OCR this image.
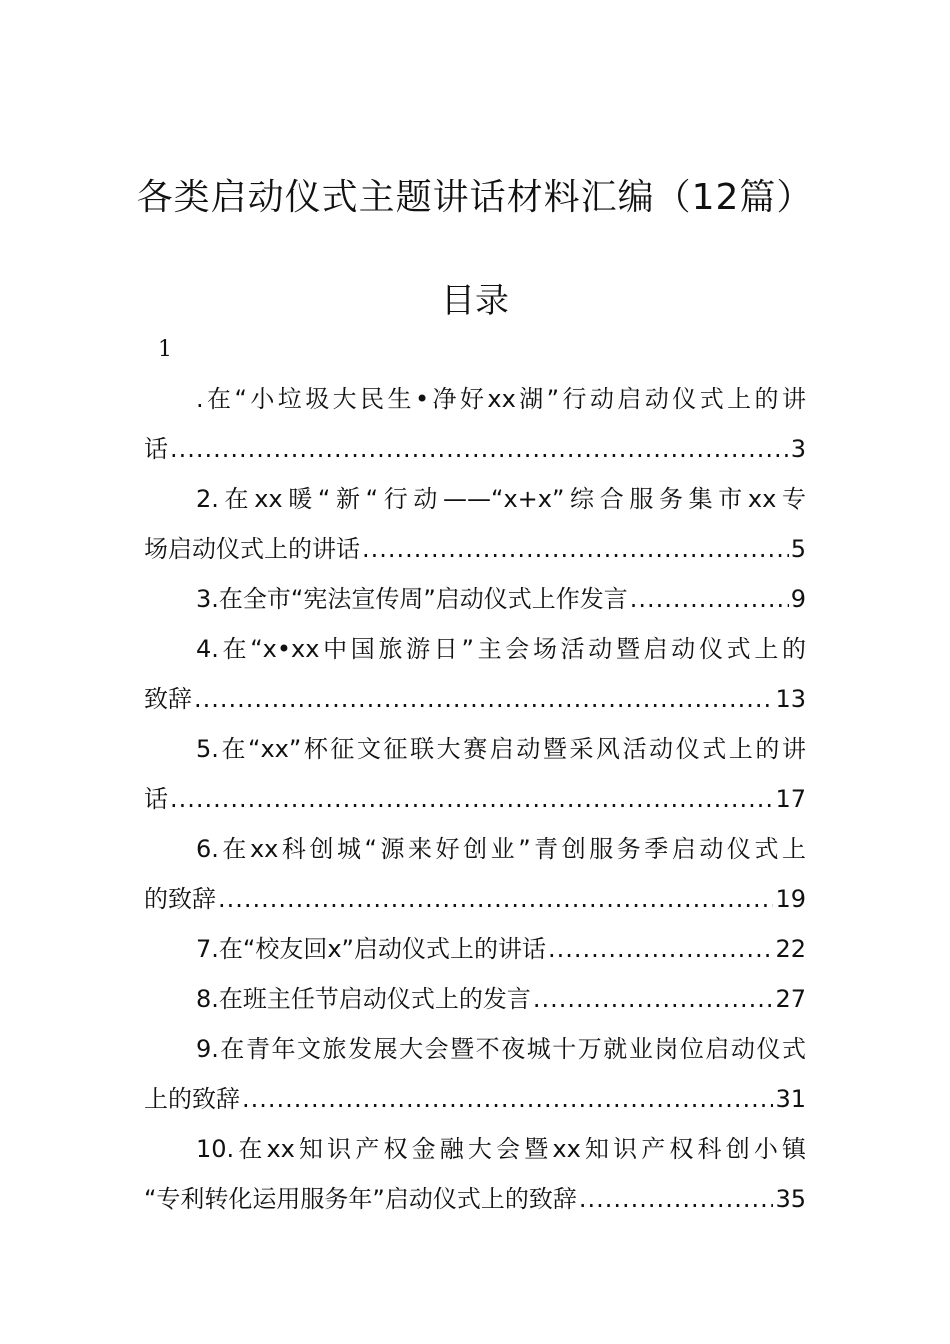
各类启动仪式主题讲话材料汇编（12篇）
目录
1
.在“小垃圾大民生•净好xx湖”行动启动仪式上的讲
话 .....	3
2.在xx暖“新“行动——“x+x”综合服务集市xx专
场启动仪式上的讲话 .....	5
3.在全市“宪法宣传周”启动仪式上作发言 .....	9
4.在“x•xx中国旅游日”主会场活动暨启动仪式上的
致辞 .....	13
5.在“xx”杯征文征联大赛启动暨采风活动仪式上的讲
话 .....	17
6.在xx科创城“源来好创业”青创服务季启动仪式上
的致辞 .....	19
7.在“校友回x”启动仪式上的讲话 .....	22
8.在班主任节启动仪式上的发言 .....	27
9.在青年文旅发展大会暨不夜城十万就业岗位启动仪式
上的致辞 .....	31
10.在xx知识产权金融大会暨xx知识产权科创小镇
“专利转化运用服务年”启动仪式上的致辞 .....	35
